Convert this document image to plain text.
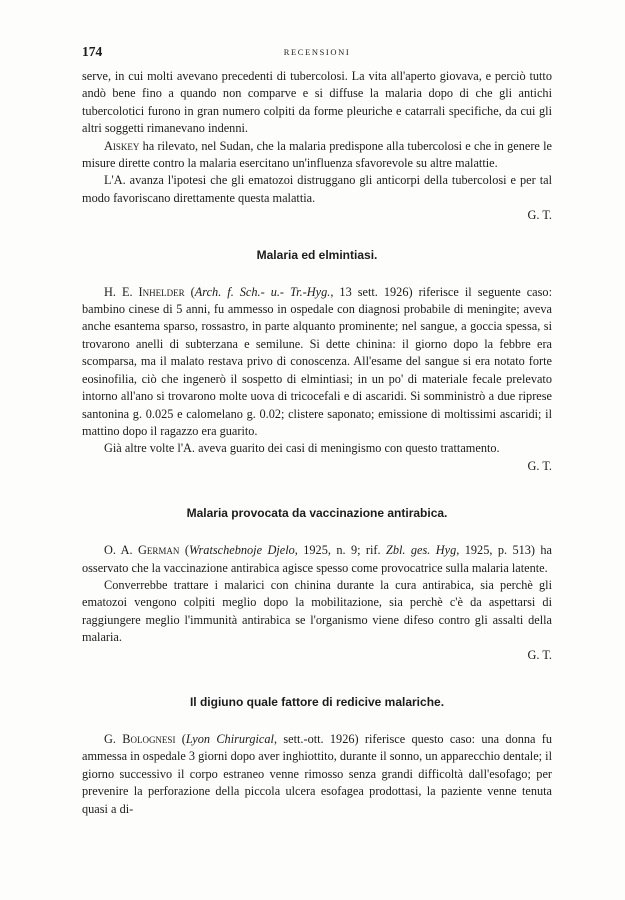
174	RECENSIONI

serve, in cui molti avevano precedenti di tubercolosi. La vita all'aperto giovava, e perciò tutto andò bene fino a quando non comparve e si diffuse la malaria dopo di che gli antichi tubercolotici furono in gran numero colpiti da forme pleuriche e catarrali specifiche, da cui gli altri soggetti rimanevano indenni.

Aiskey ha rilevato, nel Sudan, che la malaria predispone alla tubercolosi e che in genere le misure dirette contro la malaria esercitano un'influenza sfavorevole su altre malattie.

L'A. avanza l'ipotesi che gli ematozoi distruggano gli anticorpi della tubercolosi e per tal modo favoriscano direttamente questa malattia.

G. T.
Malaria ed elmintiasi.

H. E. Inhelder (Arch. f. Sch.- u.- Tr.-Hyg., 13 sett. 1926) riferisce il seguente caso: bambino cinese di 5 anni, fu ammesso in ospedale con diagnosi probabile di meningite; aveva anche esantema sparso, rossastro, in parte alquanto prominente; nel sangue, a goccia spessa, si trovarono anelli di subterzana e semilune. Si dette chinina: il giorno dopo la febbre era scomparsa, ma il malato restava privo di conoscenza. All'esame del sangue si era notato forte eosinofilia, ciò che ingenerò il sospetto di elmintiasi; in un po' di materiale fecale prelevato intorno all'ano si trovarono molte uova di tricocefali e di ascaridi. Si somministrò a due riprese santonina g. 0.025 e calomelano g. 0.02; clistere saponato; emissione di moltissimi ascaridi; il mattino dopo il ragazzo era guarito.

Già altre volte l'A. aveva guarito dei casi di meningismo con questo trattamento.

G. T.
Malaria provocata da vaccinazione antirabica.

O. A. German (Wratschebnoje Djelo, 1925, n. 9; rif. Zbl. ges. Hyg, 1925, p. 513) ha osservato che la vaccinazione antirabica agisce spesso come provocatrice sulla malaria latente.

Converrebbe trattare i malarici con chinina durante la cura antirabica, sia perchè gli ematozoi vengono colpiti meglio dopo la mobilitazione, sia perchè c'è da aspettarsi di raggiungere meglio l'immunità antirabica se l'organismo viene difeso contro gli assalti della malaria.

G. T.
Il digiuno quale fattore di redicive malariche.

G. Bolognesi (Lyon Chirurgical, sett.-ott. 1926) riferisce questo caso: una donna fu ammessa in ospedale 3 giorni dopo aver inghiottito, durante il sonno, un apparecchio dentale; il giorno successivo il corpo estraneo venne rimosso senza grandi difficoltà dall'esofago; per prevenire la perforazione della piccola ulcera esofagea prodottasi, la paziente venne tenuta quasi a di-
